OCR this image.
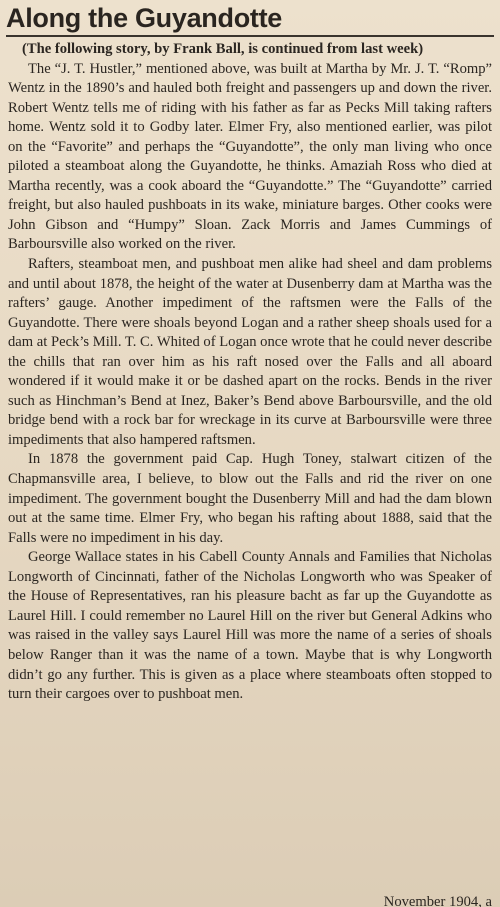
Along the Guyandotte

(The following story, by Frank Ball, is continued from last week)

The “J. T. Hustler,” mentioned above, was built at Martha by Mr. J. T. “Romp” Wentz in the 1890’s and hauled both freight and passengers up and down the river. Robert Wentz tells me of riding with his father as far as Pecks Mill taking rafters home. Wentz sold it to Godby later. Elmer Fry, also mentioned earlier, was pilot on the “Favorite” and perhaps the “Guyandotte”, the only man living who once piloted a steamboat along the Guyandotte, he thinks. Amaziah Ross who died at Martha recently, was a cook aboard the “Guyandotte.” The “Guyandotte” carried freight, but also hauled pushboats in its wake, miniature barges. Other cooks were John Gibson and “Humpy” Sloan. Zack Morris and James Cummings of Barboursville also worked on the river.

Rafters, steamboat men, and pushboat men alike had sheel and dam problems and until about 1878, the height of the water at Dusenberry dam at Martha was the rafters’ gauge. Another impediment of the raftsmen were the Falls of the Guyandotte. There were shoals beyond Logan and a rather sheep shoals used for a dam at Peck’s Mill. T. C. Whited of Logan once wrote that he could never describe the chills that ran over him as his raft nosed over the Falls and all aboard wondered if it would make it or be dashed apart on the rocks. Bends in the river such as Hinchman’s Bend at Inez, Baker’s Bend above Barboursville, and the old bridge bend with a rock bar for wreckage in its curve at Barboursville were three impediments that also hampered raftsmen.

In 1878 the government paid Cap. Hugh Toney, stalwart citizen of the Chapmansville area, I believe, to blow out the Falls and rid the river on one impediment. The government bought the Dusenberry Mill and had the dam blown out at the same time. Elmer Fry, who began his rafting about 1888, said that the Falls were no impediment in his day.

George Wallace states in his Cabell County Annals and Families that Nicholas Longworth of Cincinnati, father of the Nicholas Longworth who was Speaker of the House of Representatives, ran his pleasure bacht as far up the Guyandotte as Laurel Hill. I could remember no Laurel Hill on the river but General Adkins who was raised in the valley says Laurel Hill was more the name of a series of shoals below Ranger than it was the name of a town. Maybe that is why Longworth didn’t go any further. This is given as a place where steamboats often stopped to turn their cargoes over to pushboat men.

November 1904, a
